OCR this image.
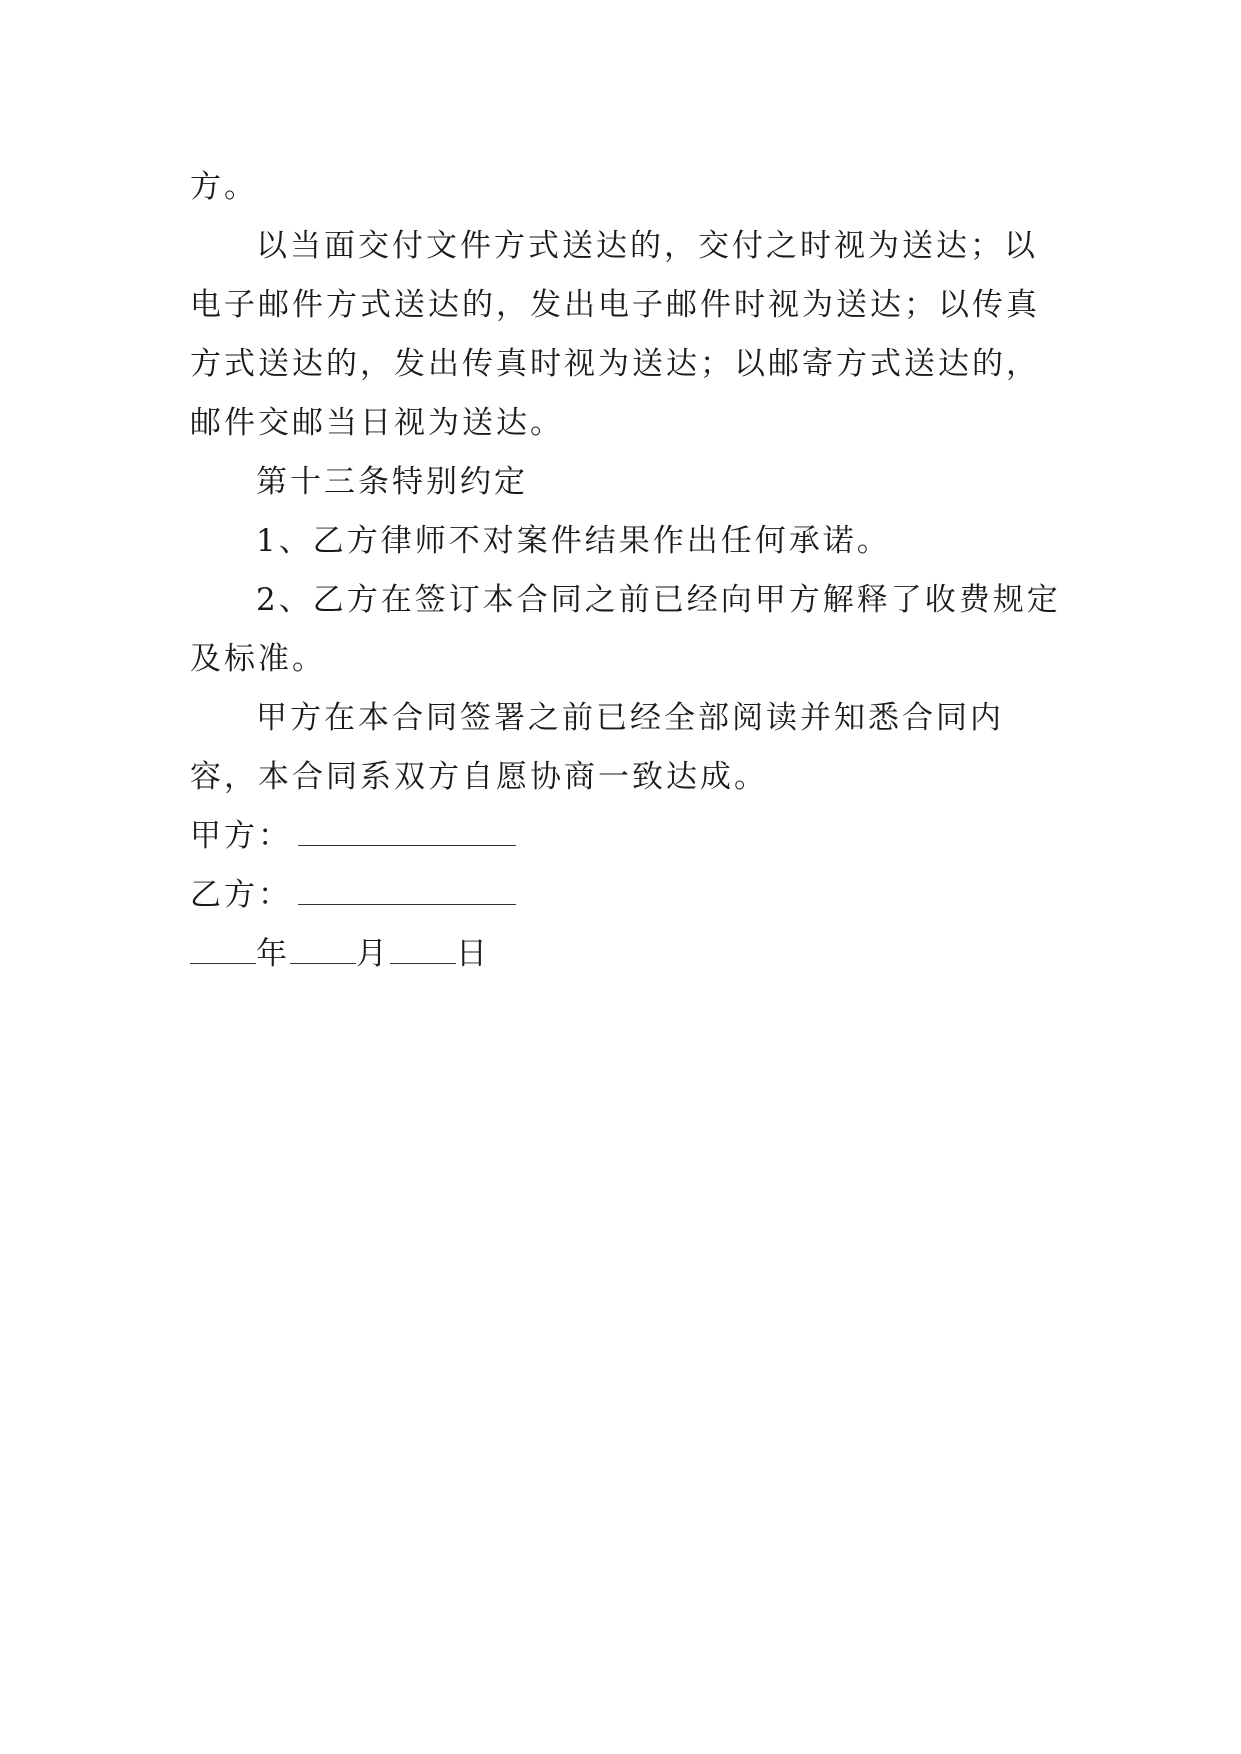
方。

以当面交付文件方式送达的，交付之时视为送达；以电子邮件方式送达的，发出电子邮件时视为送达；以传真方式送达的，发出传真时视为送达；以邮寄方式送达的，邮件交邮当日视为送达。

第十三条特别约定

1、乙方律师不对案件结果作出任何承诺。

2、乙方在签订本合同之前已经向甲方解释了收费规定及标准。

甲方在本合同签署之前已经全部阅读并知悉合同内容，本合同系双方自愿协商一致达成。

甲方：

乙方：

年 月 日
